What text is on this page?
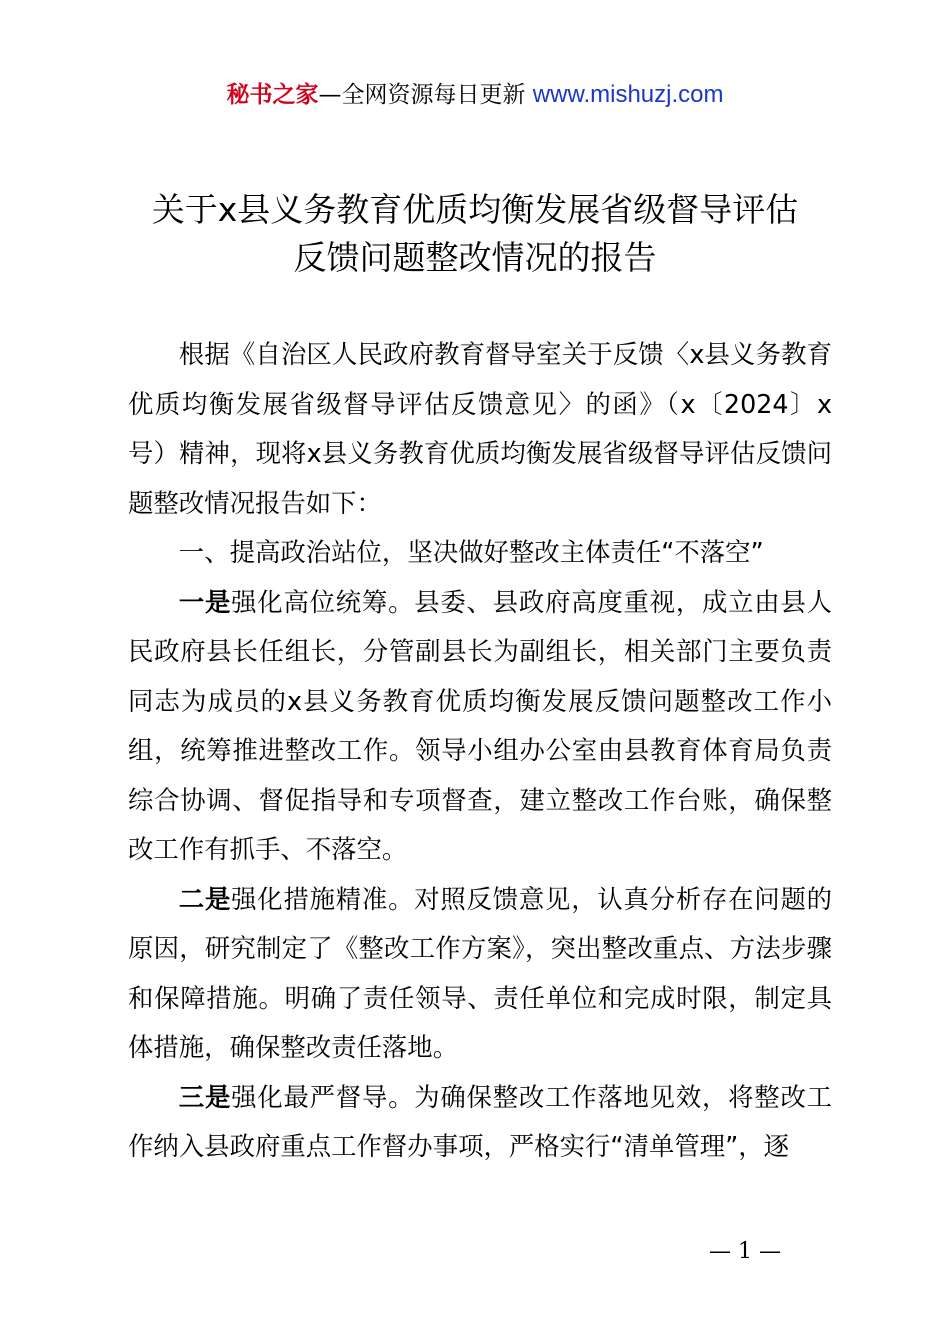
秘书之家—全网资源每日更新 www.mishuzj.com
关于x县义务教育优质均衡发展省级督导评估
反馈问题整改情况的报告

根据《自治区人民政府教育督导室关于反馈〈x县义务教育优质均衡发展省级督导评估反馈意见〉的函》（x〔2024〕x号）精神，现将x县义务教育优质均衡发展省级督导评估反馈问题整改情况报告如下：

一、提高政治站位，坚决做好整改主体责任“不落空”

一是强化高位统筹。县委、县政府高度重视，成立由县人民政府县长任组长，分管副县长为副组长，相关部门主要负责同志为成员的x县义务教育优质均衡发展反馈问题整改工作小组，统筹推进整改工作。领导小组办公室由县教育体育局负责综合协调、督促指导和专项督查，建立整改工作台账，确保整改工作有抓手、不落空。

二是强化措施精准。对照反馈意见，认真分析存在问题的原因，研究制定了《整改工作方案》，突出整改重点、方法步骤和保障措施。明确了责任领导、责任单位和完成时限，制定具体措施，确保整改责任落地。

三是强化最严督导。为确保整改工作落地见效，将整改工作纳入县政府重点工作督办事项，严格实行“清单管理”，逐

— 1 —
